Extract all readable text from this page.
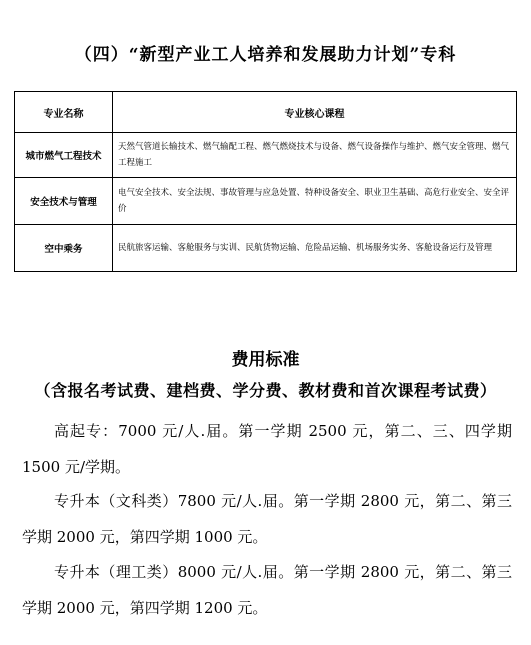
（四）“新型产业工人培养和发展助力计划”专科
专业名称	专业核心课程
城市燃气工程技术	天然气管道长输技术、燃气输配工程、燃气燃烧技术与设备、燃气设备操作与维护、燃气安全管理、燃气工程施工
安全技术与管理	电气安全技术、安全法规、事故管理与应急处置、特种设备安全、职业卫生基础、高危行业安全、安全评价
空中乘务	民航旅客运输、客舱服务与实训、民航货物运输、危险品运输、机场服务实务、客舱设备运行及管理
费用标准
（含报名考试费、建档费、学分费、教材费和首次课程考试费）

高起专：7000 元/人.届。第一学期 2500 元，第二、三、四学期 1500 元/学期。

专升本（文科类）7800 元/人.届。第一学期 2800 元，第二、第三学期 2000 元，第四学期 1000 元。

专升本（理工类）8000 元/人.届。第一学期 2800 元，第二、第三学期 2000 元，第四学期 1200 元。
